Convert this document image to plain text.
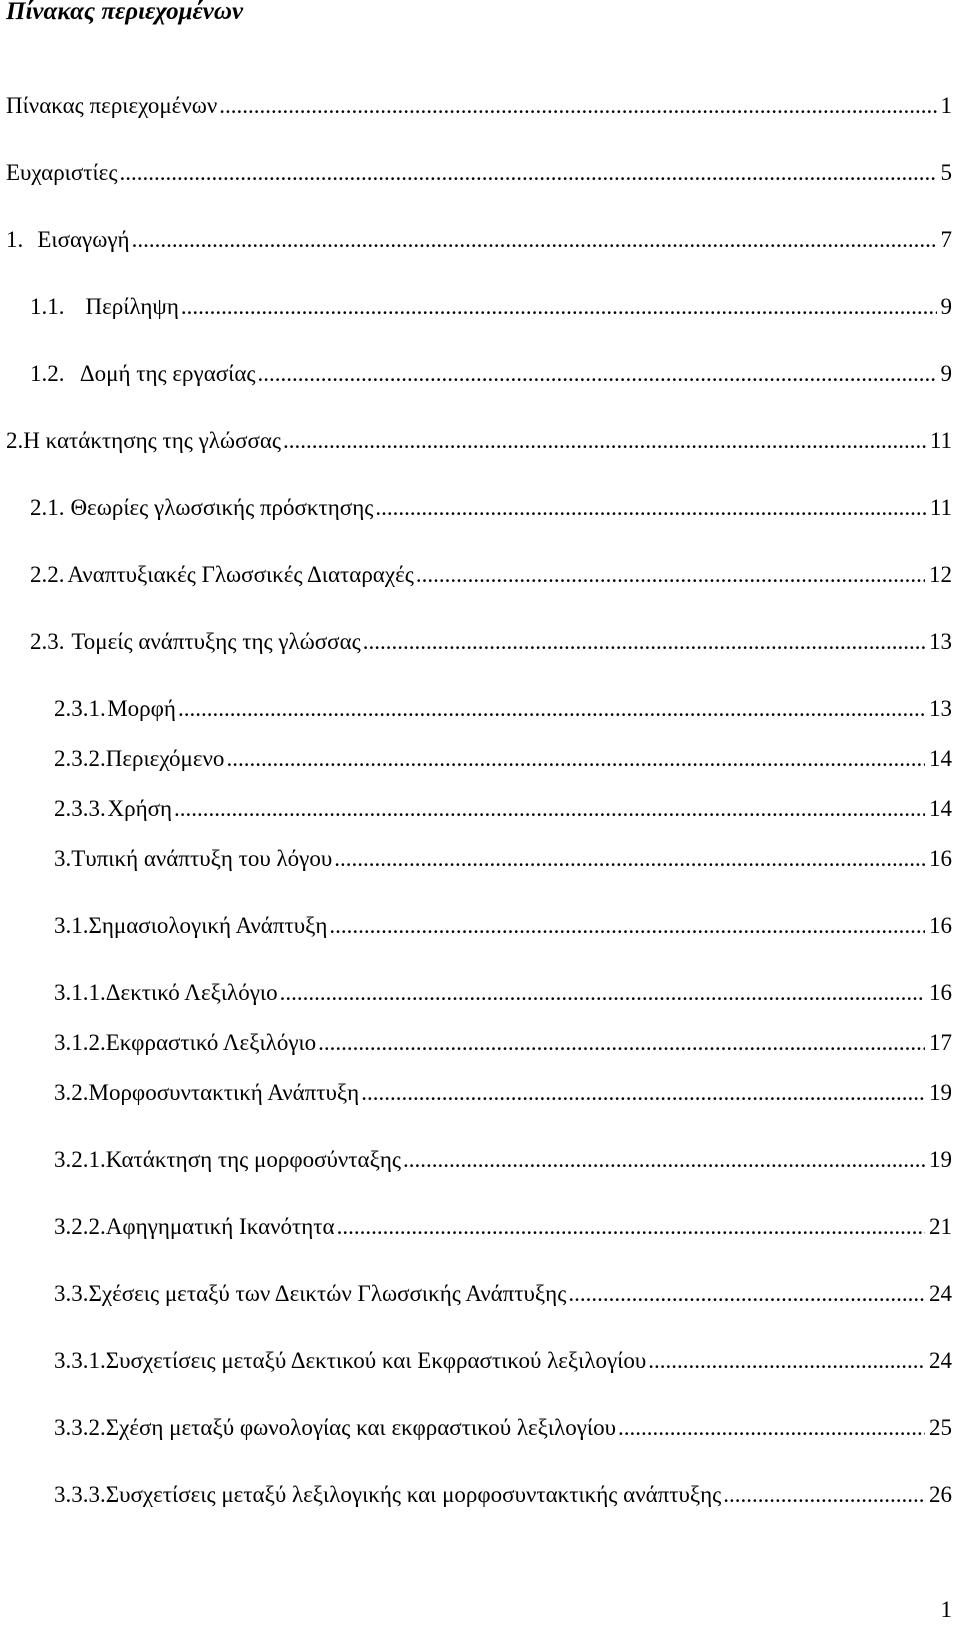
Πίνακας περιεχομένων
Πίνακας περιεχομένων .....	1
Ευχαριστίες .....	5
1. Εισαγωγή .....	7
1.1. Περίληψη .....	9
1.2. Δομή της εργασίας .....	9
2. Η κατάκτησης της γλώσσας .....	11
2.1. Θεωρίες γλωσσικής πρόσκτησης .....	11
2.2. Αναπτυξιακές Γλωσσικές Διαταραχές .....	12
2.3. Τομείς ανάπτυξης της γλώσσας .....	13
2.3.1. Μορφή .....	13
2.3.2. Περιεχόμενο .....	14
2.3.3. Χρήση .....	14
3. Τυπική ανάπτυξη του λόγου .....	16
3.1. Σημασιολογική Ανάπτυξη .....	16
3.1.1. Δεκτικό Λεξιλόγιο .....	16
3.1.2. Εκφραστικό Λεξιλόγιο .....	17
3.2. Μορφοσυντακτική Ανάπτυξη .....	19
3.2.1. Κατάκτηση της μορφοσύνταξης .....	19
3.2.2. Αφηγηματική Ικανότητα .....	21
3.3. Σχέσεις μεταξύ των Δεικτών Γλωσσικής Ανάπτυξης .....	24
3.3.1. Συσχετίσεις μεταξύ Δεκτικού και Εκφραστικού λεξιλογίου .....	24
3.3.2. Σχέση μεταξύ φωνολογίας και εκφραστικού λεξιλογίου .....	25
3.3.3. Συσχετίσεις μεταξύ λεξιλογικής και μορφοσυντακτικής ανάπτυξης .....	26
1
